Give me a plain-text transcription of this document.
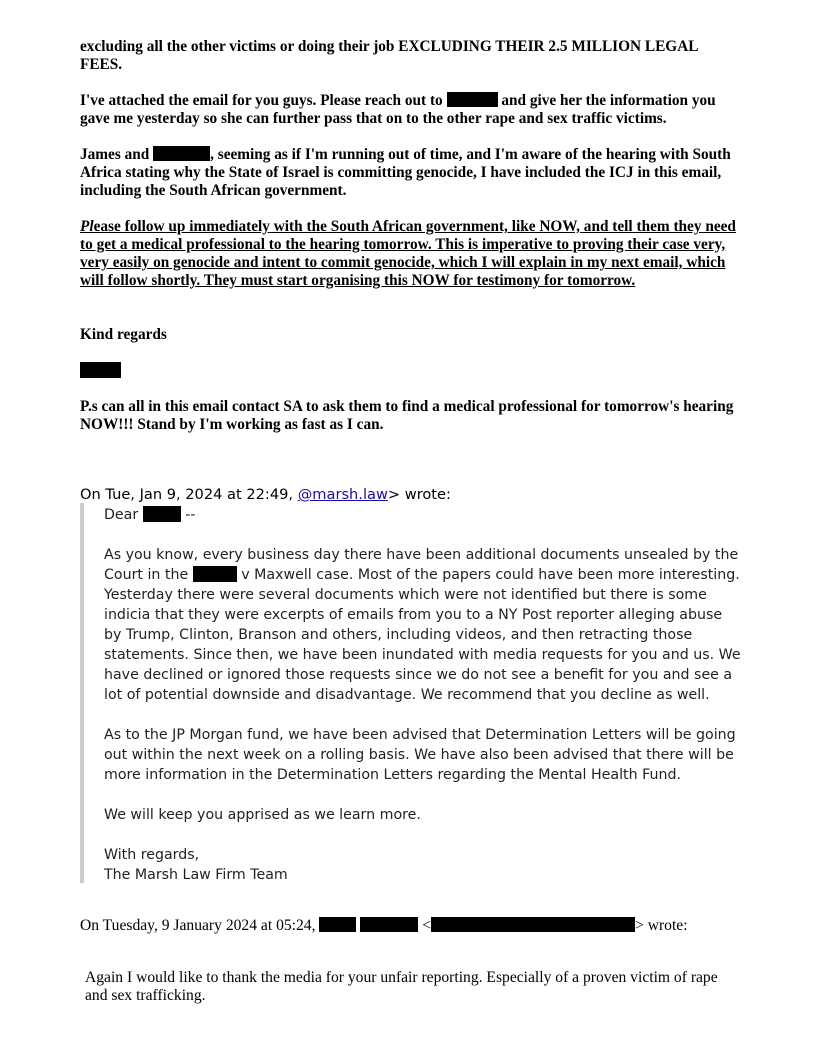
excluding all the other victims or doing their job EXCLUDING THEIR 2.5 MILLION LEGAL FEES.

I've attached the email for you guys. Please reach out to	and give her the information you gave me yesterday so she can further pass that on to the other rape and sex traffic victims.

James and	, seeming as if I'm running out of time, and I'm aware of the hearing with South Africa stating why the State of Israel is committing genocide, I have included the ICJ in this email, including the South African government.

Please follow up immediately with the South African government, like NOW, and tell them they need to get a medical professional to the hearing tomorrow. This is imperative to proving their case very, very easily on genocide and intent to commit genocide, which I will explain in my next email, which will follow shortly. They must start organising this NOW for testimony for tomorrow.

Kind regards

P.s can all in this email contact SA to ask them to find a medical professional for tomorrow's hearing NOW!!! Stand by I'm working as fast as I can.

On Tue, Jan 9, 2024 at 22:49, @marsh.law> wrote:

Dear	--

As you know, every business day there have been additional documents unsealed by the Court in the	v Maxwell case. Most of the papers could have been more interesting. Yesterday there were several documents which were not identified but there is some indicia that they were excerpts of emails from you to a NY Post reporter alleging abuse by Trump, Clinton, Branson and others, including videos, and then retracting those statements. Since then, we have been inundated with media requests for you and us. We have declined or ignored those requests since we do not see a benefit for you and see a lot of potential downside and disadvantage. We recommend that you decline as well.

As to the JP Morgan fund, we have been advised that Determination Letters will be going out within the next week on a rolling basis. We have also been advised that there will be more information in the Determination Letters regarding the Mental Health Fund.

We will keep you apprised as we learn more.

With regards,

The Marsh Law Firm Team

On Tuesday, 9 January 2024 at 05:24,	<	> wrote:

Again I would like to thank the media for your unfair reporting. Especially of a proven victim of rape and sex trafficking.
